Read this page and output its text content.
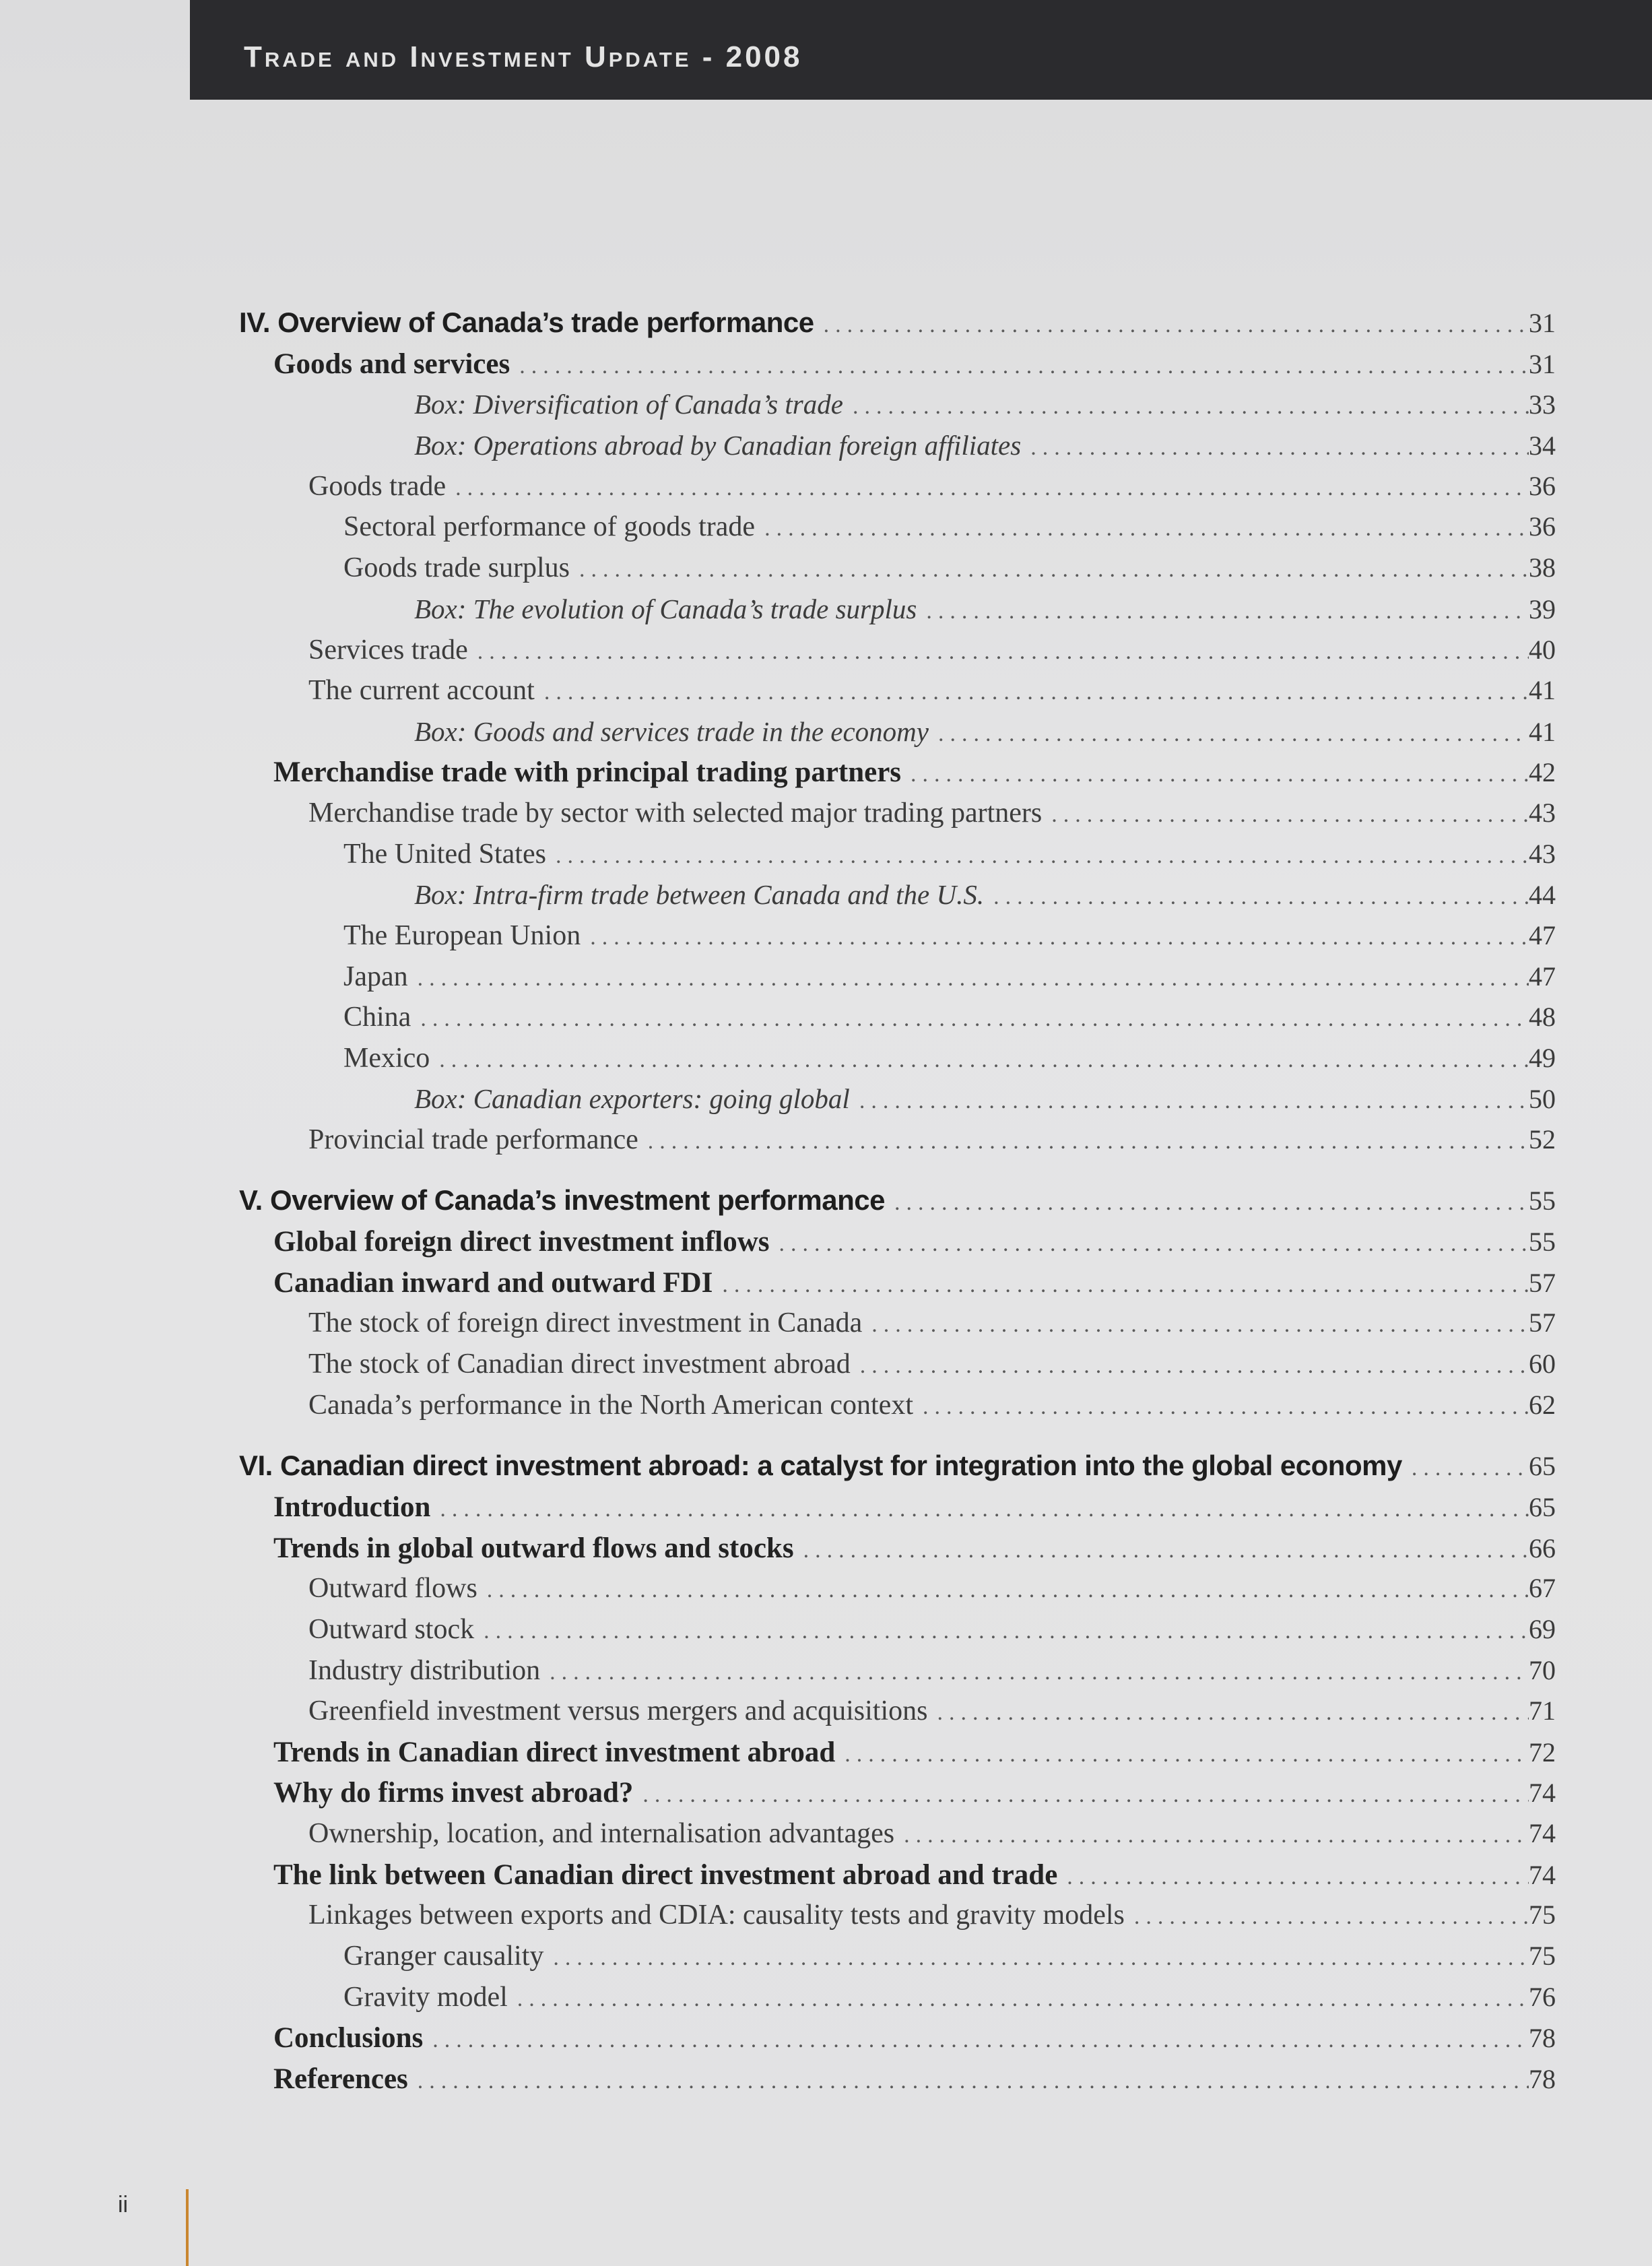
Trade and Investment Update - 2008
IV. Overview of Canada’s trade performance .....	31
Goods and services .....	31
Box: Diversification of Canada’s trade .....	33
Box: Operations abroad by Canadian foreign affiliates .....	34
Goods trade .....	36
Sectoral performance of goods trade .....	36
Goods trade surplus .....	38
Box: The evolution of Canada’s trade surplus .....	39
Services trade .....	40
The current account .....	41
Box: Goods and services trade in the economy .....	41
Merchandise trade with principal trading partners .....	42
Merchandise trade by sector with selected major trading partners .....	43
The United States .....	43
Box: Intra-firm trade between Canada and the U.S. .....	44
The European Union .....	47
Japan .....	47
China .....	48
Mexico .....	49
Box: Canadian exporters: going global .....	50
Provincial trade performance .....	52
V. Overview of Canada’s investment performance .....	55
Global foreign direct investment inflows .....	55
Canadian inward and outward FDI .....	57
The stock of foreign direct investment in Canada .....	57
The stock of Canadian direct investment abroad .....	60
Canada’s performance in the North American context .....	62
VI. Canadian direct investment abroad: a catalyst for integration into the global economy .....	65
Introduction .....	65
Trends in global outward flows and stocks .....	66
Outward flows .....	67
Outward stock .....	69
Industry distribution .....	70
Greenfield investment versus mergers and acquisitions .....	71
Trends in Canadian direct investment abroad .....	72
Why do firms invest abroad? .....	74
Ownership, location, and internalisation advantages .....	74
The link between Canadian direct investment abroad and trade .....	74
Linkages between exports and CDIA: causality tests and gravity models .....	75
Granger causality .....	75
Gravity model .....	76
Conclusions .....	78
References .....	78
ii
